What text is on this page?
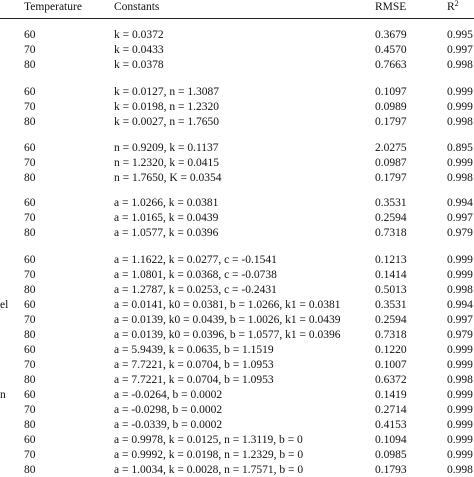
Temperature	Constants	RMSE	$R^2$
60	k = 0.0372	0.3679	0.995
70	k = 0.0433	0.4570	0.997
80	k = 0.0378	0.7663	0.998
60	k = 0.0127, n = 1.3087	0.1097	0.999
70	k = 0.0198, n = 1.2320	0.0989	0.999
80	k = 0.0027, n = 1.7650	0.1797	0.998
60	n = 0.9209, k = 0.1137	2.0275	0.895
70	n = 1.2320, k = 0.0415	0.0987	0.999
80	n = 1.7650, K = 0.0354	0.1797	0.998
60	a = 1.0266, k = 0.0381	0.3531	0.994
70	a = 1.0165, k = 0.0439	0.2594	0.997
80	a = 1.0577, k = 0.0396	0.7318	0.979
60	a = 1.1622, k = 0.0277, c = -0.1541	0.1213	0.999
70	a = 1.0801, k = 0.0368, c = -0.0738	0.1414	0.999
80	a = 1.2787, k = 0.0253, c = -0.2431	0.5013	0.998
el	60	a = 0.0141, k0 = 0.0381, b = 1.0266, k1 = 0.0381	0.3531	0.994
70	a = 0.0139, k0 = 0.0439, b = 1.0026, k1 = 0.0439	0.2594	0.997
80	a = 0.0139, k0 = 0.0396, b = 1.0577, k1 = 0.0396	0.7318	0.979
60	a = 5.9439, k = 0.0635, b = 1.1519	0.1220	0.999
70	a = 7.7221, k = 0.0704, b = 1.0953	0.1007	0.999
80	a = 7.7221, k = 0.0704, b = 1.0953	0.6372	0.998
n	60	a = -0.0264, b = 0.0002	0.1419	0.999
70	a = -0.0298, b = 0.0002	0.2714	0.999
80	a = -0.0339, b = 0.0002	0.4153	0.999
60	a = 0.9978, k = 0.0125, n = 1.3119, b = 0	0.1094	0.999
70	a = 0.9992, k = 0.0198, n = 1.2329, b = 0	0.0985	0.999
80	a = 1.0034, k = 0.0028, n = 1.7571, b = 0	0.1793	0.998
